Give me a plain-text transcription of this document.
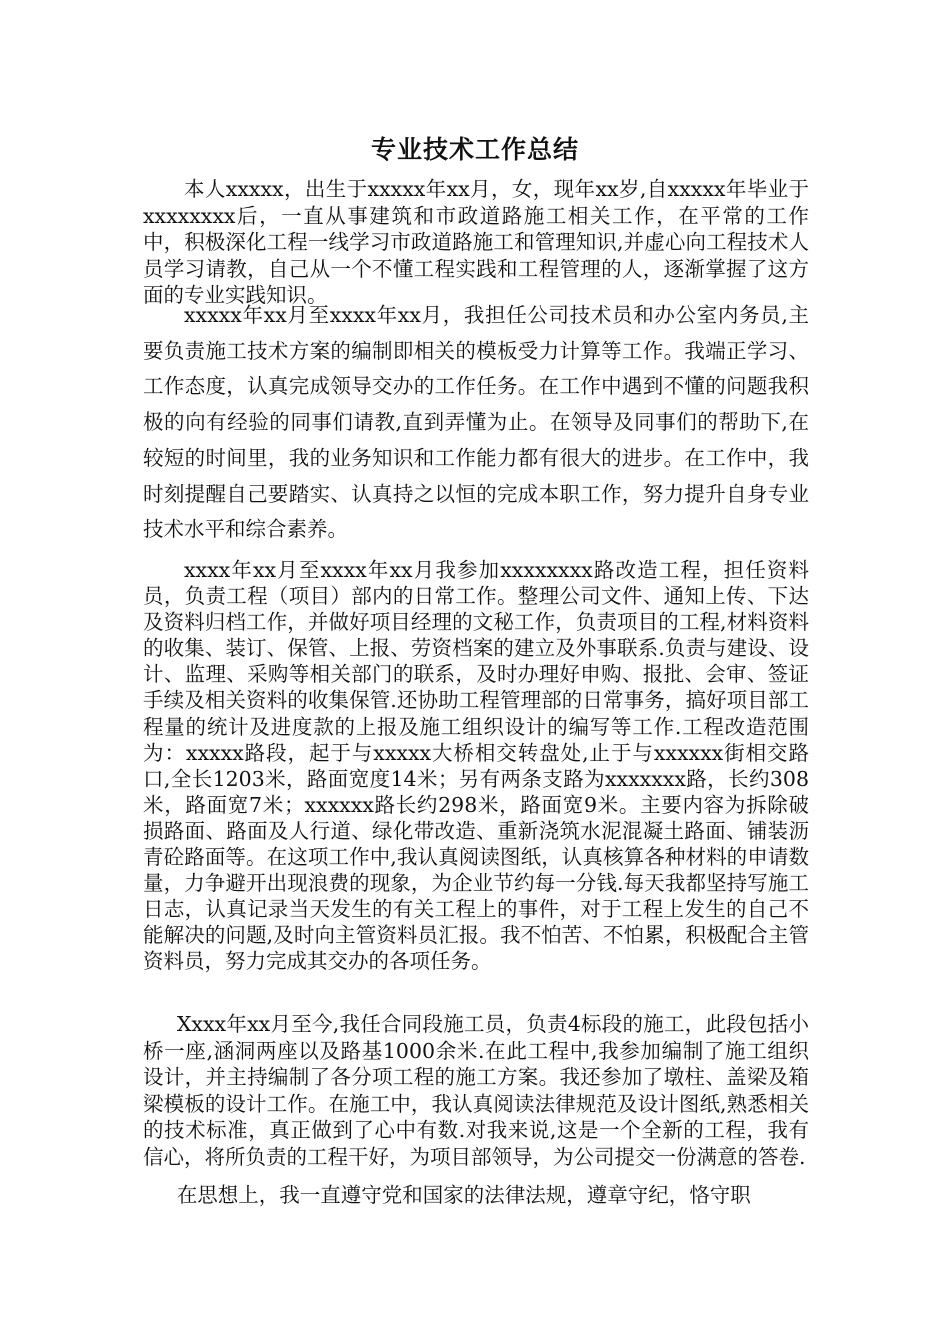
专业技术工作总结

本人xxxxx，出生于xxxxx年xx月，女，现年xx岁,自xxxxx年毕业于xxxxxxxx后，一直从事建筑和市政道路施工相关工作，在平常的工作中，积极深化工程一线学习市政道路施工和管理知识,并虚心向工程技术人员学习请教，自己从一个不懂工程实践和工程管理的人，逐渐掌握了这方面的专业实践知识。

xxxxx年xx月至xxxx年xx月，我担任公司技术员和办公室内务员,主要负责施工技术方案的编制即相关的模板受力计算等工作。我端正学习、工作态度，认真完成领导交办的工作任务。在工作中遇到不懂的问题我积极的向有经验的同事们请教,直到弄懂为止。在领导及同事们的帮助下,在较短的时间里，我的业务知识和工作能力都有很大的进步。在工作中，我时刻提醒自己要踏实、认真持之以恒的完成本职工作，努力提升自身专业技术水平和综合素养。

xxxx年xx月至xxxx年xx月我参加xxxxxxxx路改造工程，担任资料员，负责工程（项目）部内的日常工作。整理公司文件、通知上传、下达及资料归档工作，并做好项目经理的文秘工作，负责项目的工程,材料资料的收集、装订、保管、上报、劳资档案的建立及外事联系.负责与建设、设计、监理、采购等相关部门的联系，及时办理好申购、报批、会审、签证手续及相关资料的收集保管.还协助工程管理部的日常事务，搞好项目部工程量的统计及进度款的上报及施工组织设计的编写等工作.工程改造范围为：xxxxx路段，起于与xxxxx大桥相交转盘处,止于与xxxxxx街相交路口,全长1203米，路面宽度14米；另有两条支路为xxxxxxx路，长约308米，路面宽7米；xxxxxx路长约298米，路面宽9米。主要内容为拆除破损路面、路面及人行道、绿化带改造、重新浇筑水泥混凝土路面、铺装沥青砼路面等。在这项工作中,我认真阅读图纸，认真核算各种材料的申请数量，力争避开出现浪费的现象，为企业节约每一分钱.每天我都坚持写施工日志，认真记录当天发生的有关工程上的事件，对于工程上发生的自己不能解决的问题,及时向主管资料员汇报。我不怕苦、不怕累，积极配合主管资料员，努力完成其交办的各项任务。

Xxxx年xx月至今,我任合同段施工员，负责4标段的施工，此段包括小桥一座,涵洞两座以及路基1000余米.在此工程中,我参加编制了施工组织设计，并主持编制了各分项工程的施工方案。我还参加了墩柱、盖梁及箱梁模板的设计工作。在施工中，我认真阅读法律规范及设计图纸,熟悉相关的技术标准，真正做到了心中有数.对我来说,这是一个全新的工程，我有信心，将所负责的工程干好，为项目部领导，为公司提交一份满意的答卷.

在思想上，我一直遵守党和国家的法律法规，遵章守纪，恪守职
